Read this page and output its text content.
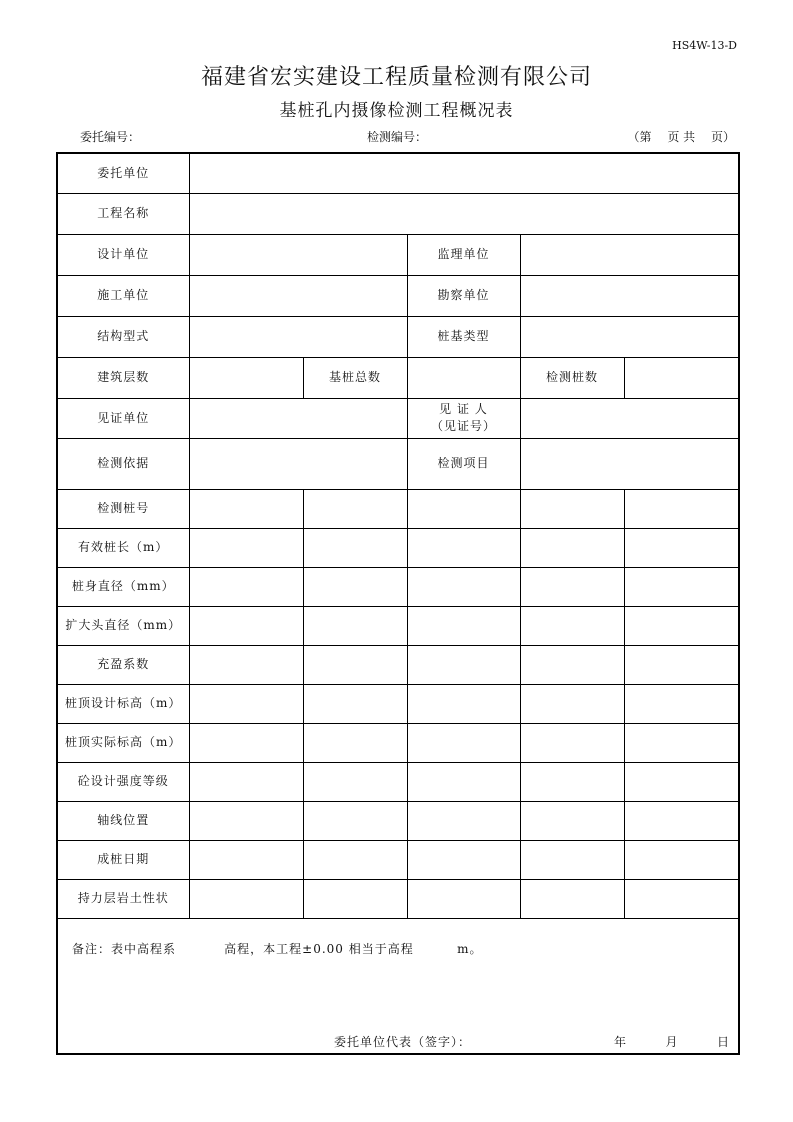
HS4W-13-D
福建省宏实建设工程质量检测有限公司
基桩孔内摄像检测工程概况表
委托编号：	检测编号：	（第　 页 共　 页）
委托单位					
工程名称					
设计单位			监理单位		
施工单位			勘察单位		
结构型式			桩基类型		
建筑层数		基桩总数		检测桩数	
见证单位			见 证 人
（见证号）		

检测依据			检测项目		
检测桩号					
有效桩长（m）					
桩身直径（mm）					
扩大头直径（mm）					
充盈系数					
桩顶设计标高（m）					
桩顶实际标高（m）					
砼设计强度等级					
轴线位置					
成桩日期					
持力层岩土性状					

备注：表中高程系          高程，本工程±0.00 相当于高程         m。
委托单位代表（签字）： 年        月        日					
